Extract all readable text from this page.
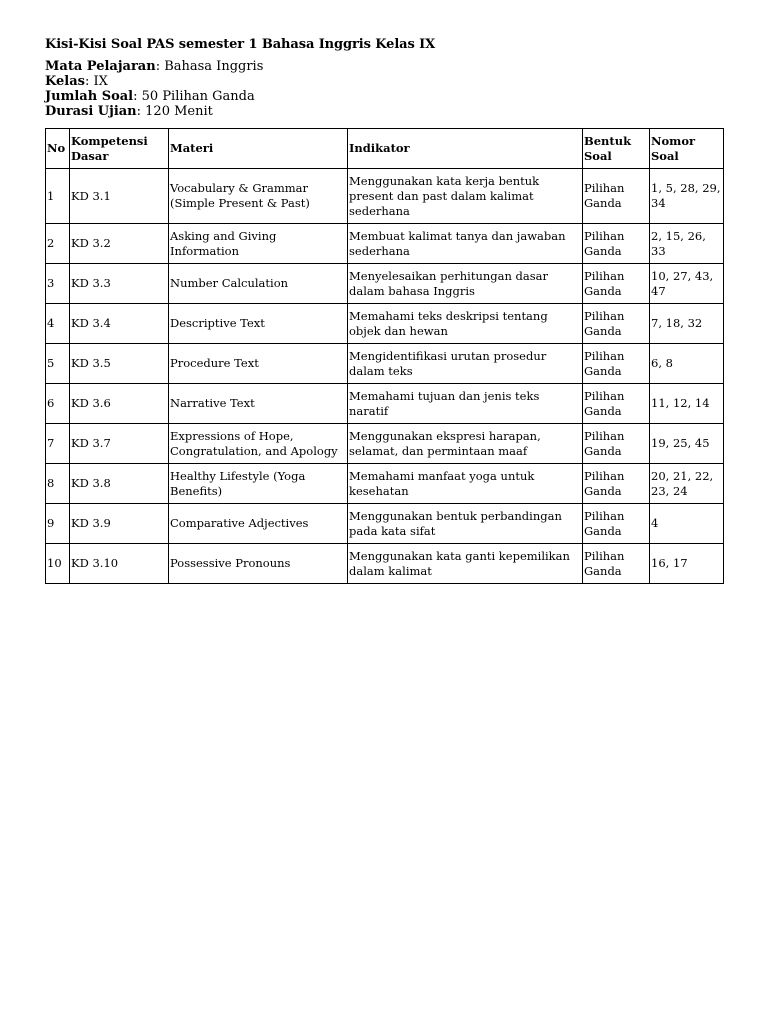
Kisi-Kisi Soal PAS semester 1 Bahasa Inggris Kelas IX
Mata Pelajaran: Bahasa Inggris
Kelas: IX
Jumlah Soal: 50 Pilihan Ganda
Durasi Ujian: 120 Menit
No	Kompetensi Dasar	Materi	Indikator	Bentuk Soal	Nomor Soal
1	KD 3.1	Vocabulary & Grammar (Simple Present & Past)	Menggunakan kata kerja bentuk present dan past dalam kalimat sederhana	Pilihan Ganda	1, 5, 28, 29, 34
2	KD 3.2	Asking and Giving Information	Membuat kalimat tanya dan jawaban sederhana	Pilihan Ganda	2, 15, 26, 33
3	KD 3.3	Number Calculation	Menyelesaikan perhitungan dasar dalam bahasa Inggris	Pilihan Ganda	10, 27, 43, 47
4	KD 3.4	Descriptive Text	Memahami teks deskripsi tentang objek dan hewan	Pilihan Ganda	7, 18, 32
5	KD 3.5	Procedure Text	Mengidentifikasi urutan prosedur dalam teks	Pilihan Ganda	6, 8
6	KD 3.6	Narrative Text	Memahami tujuan dan jenis teks naratif	Pilihan Ganda	11, 12, 14
7	KD 3.7	Expressions of Hope, Congratulation, and Apology	Menggunakan ekspresi harapan, selamat, dan permintaan maaf	Pilihan Ganda	19, 25, 45
8	KD 3.8	Healthy Lifestyle (Yoga Benefits)	Memahami manfaat yoga untuk kesehatan	Pilihan Ganda	20, 21, 22, 23, 24
9	KD 3.9	Comparative Adjectives	Menggunakan bentuk perbandingan pada kata sifat	Pilihan Ganda	4
10	KD 3.10	Possessive Pronouns	Menggunakan kata ganti kepemilikan dalam kalimat	Pilihan Ganda	16, 17
